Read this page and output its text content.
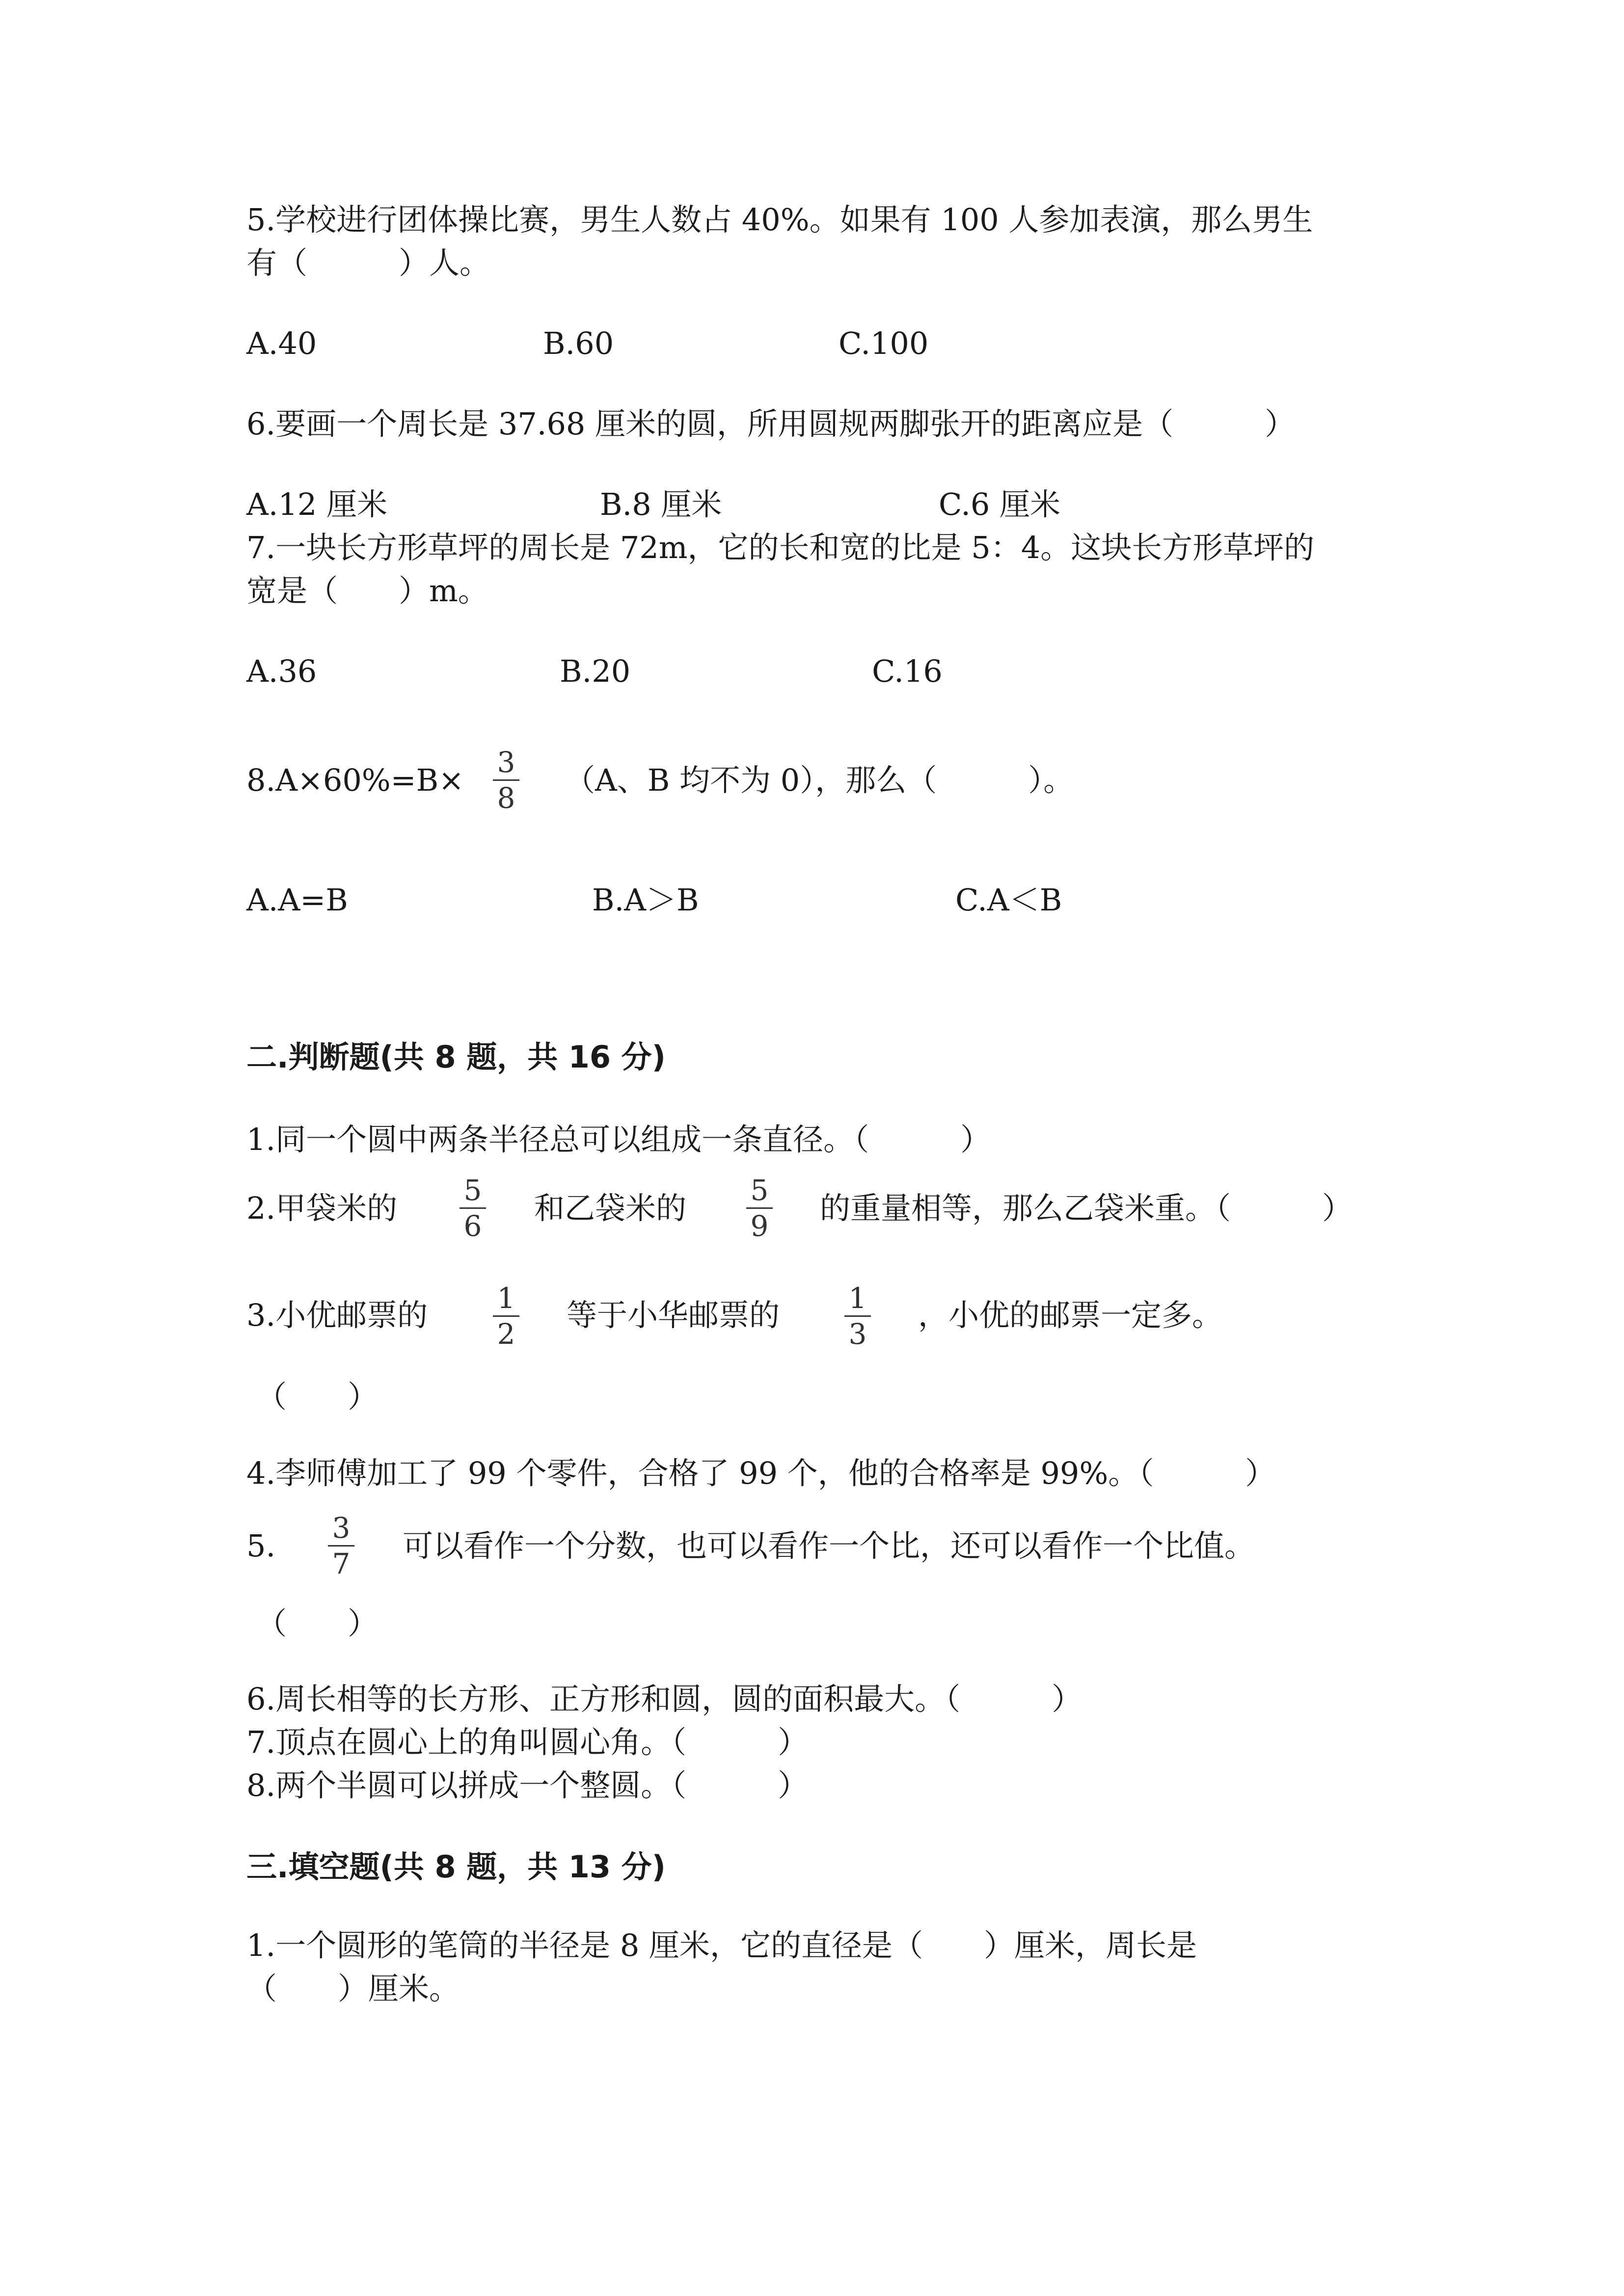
5.学校进行团体操比赛，男生人数占 40%。如果有 100 人参加表演，那么男生
有（　　　）人。
A.40	B.60	C.100
6.要画一个周长是 37.68 厘米的圆，所用圆规两脚张开的距离应是（　　　）
A.12 厘米	B.8 厘米	C.6 厘米
7.一块长方形草坪的周长是 72m，它的长和宽的比是 5：4。这块长方形草坪的
宽是（　　）m。
A.36	B.20	C.16
8.A×60%=B× 3
8 （A、B 均不为 0），那么（　　　）。
A.A=B	B.A＞B	C.A＜B
二.判断题(共 8 题，共 16 分)
1.同一个圆中两条半径总可以组成一条直径。（　　　）
2.甲袋米的 5
6 和乙袋米的 5
9 的重量相等，那么乙袋米重。（　　　）
3.小优邮票的 1
2
等于小华邮票的 1
3
，小优的邮票一定多。
（　　）
4.李师傅加工了 99 个零件，合格了 99 个，他的合格率是 99%。（　　　）
5. 3
7 可以看作一个分数，也可以看作一个比，还可以看作一个比值。
（　　）
6.周长相等的长方形、正方形和圆，圆的面积最大。（　　　）
7.顶点在圆心上的角叫圆心角。（　　　）
8.两个半圆可以拼成一个整圆。（　　　）
三.填空题(共 8 题，共 13 分)
1.一个圆形的笔筒的半径是 8 厘米，它的直径是（　　）厘米，周长是
（　　）厘米。
